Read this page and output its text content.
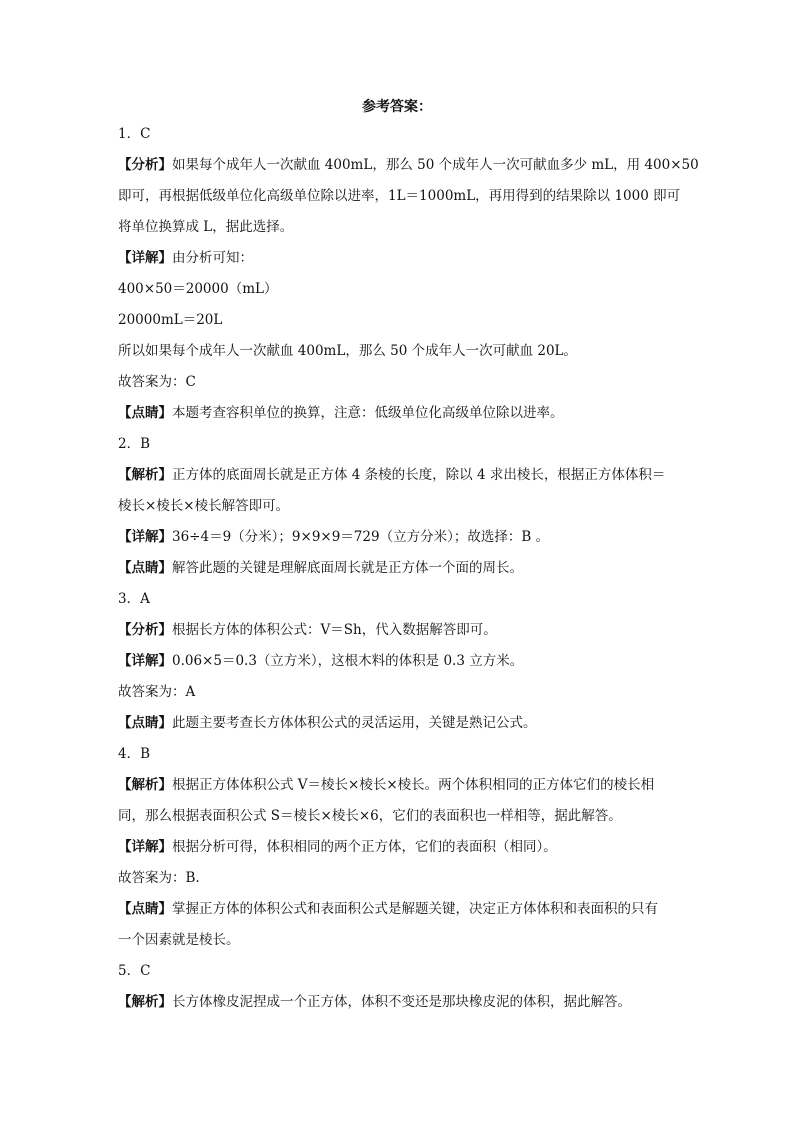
参考答案：
1．C
【分析】如果每个成年人一次献血 400mL，那么 50 个成年人一次可献血多少 mL，用 400×50
即可，再根据低级单位化高级单位除以进率，1L＝1000mL，再用得到的结果除以 1000 即可
将单位换算成 L，据此选择。
【详解】由分析可知：
400×50＝20000（mL）
20000mL＝20L
所以如果每个成年人一次献血 400mL，那么 50 个成年人一次可献血 20L。
故答案为：C
【点睛】本题考查容积单位的换算，注意：低级单位化高级单位除以进率。
2．B
【解析】正方体的底面周长就是正方体 4 条棱的长度，除以 4 求出棱长，根据正方体体积＝
棱长×棱长×棱长解答即可。
【详解】36÷4＝9（分米）；9×9×9＝729（立方分米）；故选择：B 。
【点睛】解答此题的关键是理解底面周长就是正方体一个面的周长。
3．A
【分析】根据长方体的体积公式：V＝Sh，代入数据解答即可。
【详解】0.06×5＝0.3（立方米），这根木料的体积是 0.3 立方米。
故答案为：A
【点睛】此题主要考查长方体体积公式的灵活运用，关键是熟记公式。
4．B
【解析】根据正方体体积公式 V＝棱长×棱长×棱长。两个体积相同的正方体它们的棱长相
同，那么根据表面积公式 S＝棱长×棱长×6，它们的表面积也一样相等，据此解答。
【详解】根据分析可得，体积相同的两个正方体，它们的表面积（相同）。
故答案为：B.
【点睛】掌握正方体的体积公式和表面积公式是解题关键，决定正方体体积和表面积的只有
一个因素就是棱长。
5．C
【解析】长方体橡皮泥捏成一个正方体，体积不变还是那块橡皮泥的体积，据此解答。
